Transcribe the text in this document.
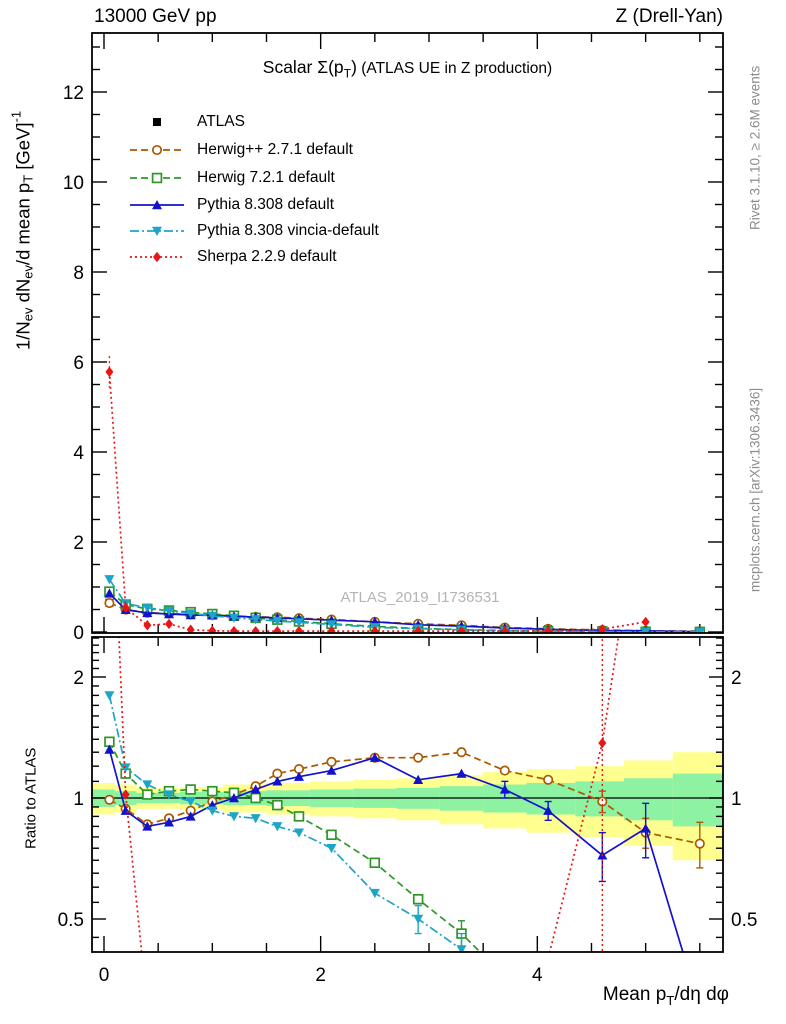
0
2
4
6
8
10
12
0.5	0.5
1	1
2	2
0	2	4
13000 GeV pp	Z (Drell-Yan)
Scalar $\Sigma(p_T)$ (ATLAS UE in Z production)
$1/N_{ev}$ $dN_{ev}/d$ mean $p_T$ [GeV]$^{-1}$
Ratio to ATLAS
Rivet 3.1.10, ≥ 2.6M events
mcplots.cern.ch [arXiv:1306.3436]
ATLAS_2019_I1736531
Mean $p_T/d\eta$ dφ
ATLAS
Herwig++ 2.7.1 default
Herwig 7.2.1 default
Pythia 8.308 default
Pythia 8.308 vincia-default
Sherpa 2.2.9 default
